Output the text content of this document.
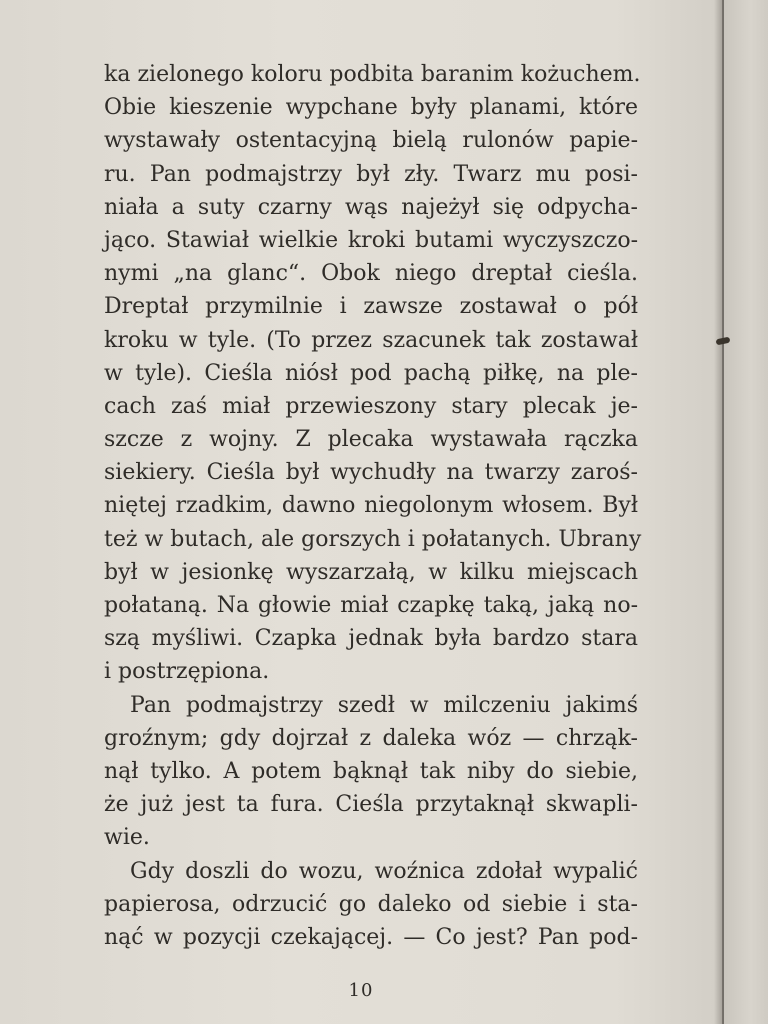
ka zielonego koloru podbita baranim kożuchem.
Obie kieszenie wypchane były planami, które
wystawały ostentacyjną bielą rulonów papie-
ru. Pan podmajstrzy był zły. Twarz mu posi-
niała a suty czarny wąs najeżył się odpycha-
jąco. Stawiał wielkie kroki butami wyczyszczo-
nymi „na glanc“. Obok niego dreptał cieśla.
Dreptał przymilnie i zawsze zostawał o pół
kroku w tyle. (To przez szacunek tak zostawał
w tyle). Cieśla niósł pod pachą piłkę, na ple-
cach zaś miał przewieszony stary plecak je-
szcze z wojny. Z plecaka wystawała rączka
siekiery. Cieśla był wychudły na twarzy zaroś-
niętej rzadkim, dawno niegolonym włosem. Był
też w butach, ale gorszych i połatanych. Ubrany
był w jesionkę wyszarzałą, w kilku miejscach
połataną. Na głowie miał czapkę taką, jaką no-
szą myśliwi. Czapka jednak była bardzo stara
i postrzępiona.
Pan podmajstrzy szedł w milczeniu jakimś
groźnym; gdy dojrzał z daleka wóz — chrząk-
nął tylko. A potem bąknął tak niby do siebie,
że już jest ta fura. Cieśla przytaknął skwapli-
wie.
Gdy doszli do wozu, woźnica zdołał wypalić
papierosa, odrzucić go daleko od siebie i sta-
nąć w pozycji czekającej. — Co jest? Pan pod-
10
